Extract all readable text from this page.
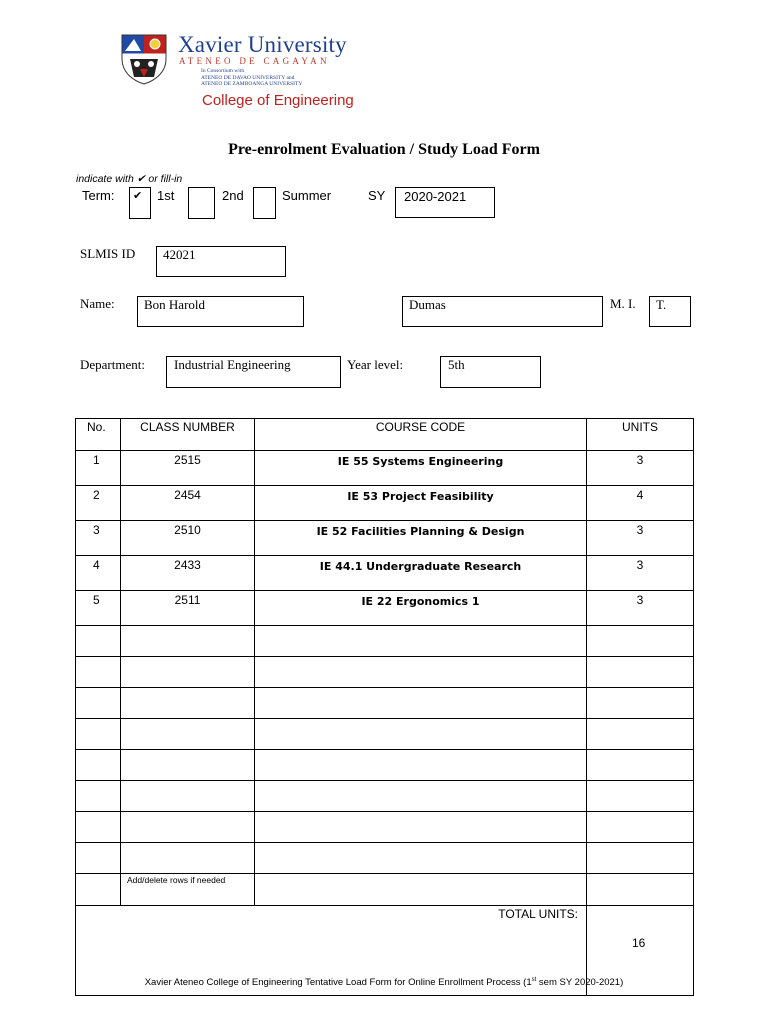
Xavier University
ATENEO DE CAGAYAN
In Consortium with
ATENEO DE DAVAO UNIVERSITY and
ATENEO DE ZAMBOANGA UNIVERSITY
College of Engineering
Pre-enrolment Evaluation / Study Load Form
indicate with ✔ or fill-in
Term: ✔ 1st	2nd	Summer	SY 2020-2021
SLMIS ID 42021
Name: Bon Harold	Dumas	M. I. T.
Department: Industrial Engineering	Year level:	5th
No.	CLASS NUMBER	COURSE CODE	UNITS
1	2515	IE 55 Systems Engineering	3
2	2454	IE 53 Project Feasibility	4
3	2510	IE 52 Facilities Planning & Design	3
4	2433	IE 44.1 Undergraduate Research	3
5	2511	IE 22 Ergonomics 1	3

	Add/delete rows if needed		
TOTAL UNITS:			16
Xavier Ateneo College of Engineering Tentative Load Form for Online Enrollment Process (1st sem SY 2020-2021)
